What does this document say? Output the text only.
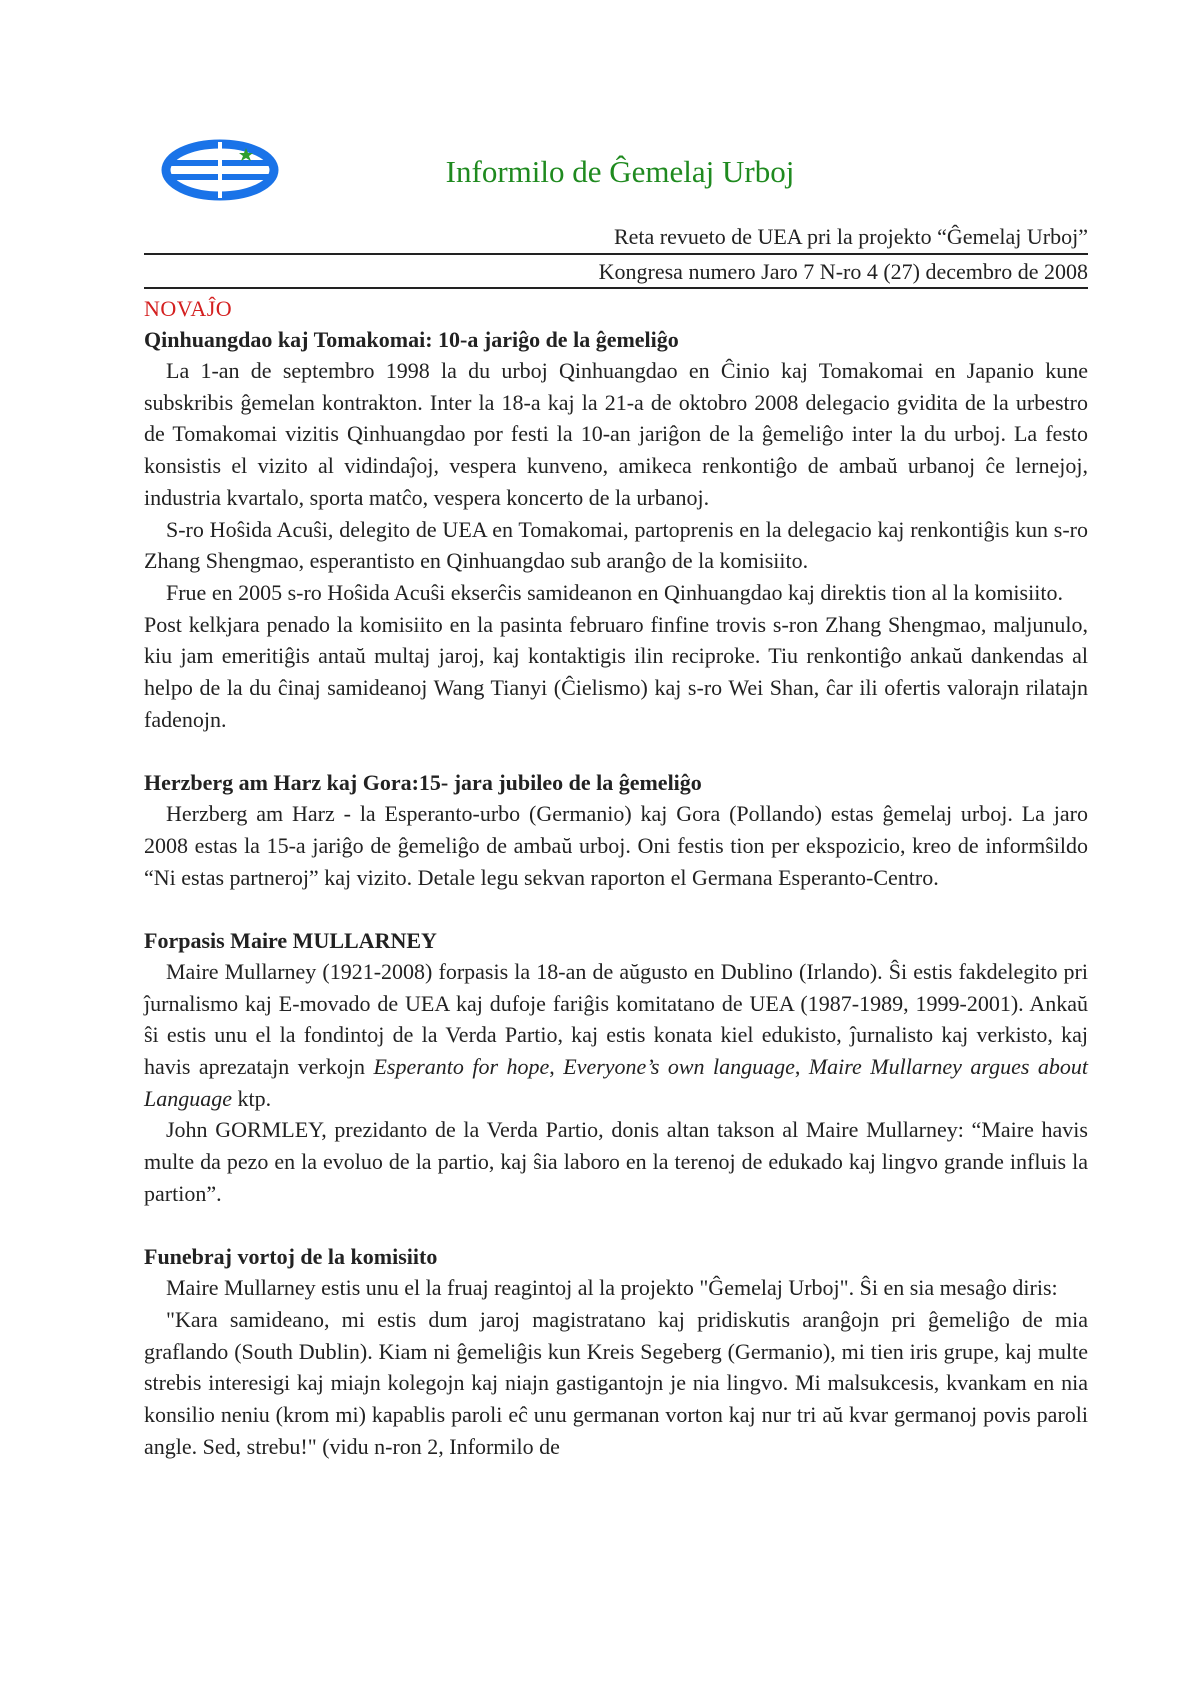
Informilo de Ĝemelaj Urboj
Reta revueto de UEA pri la projekto “Ĝemelaj Urboj”
Kongresa numero Jaro 7 N-ro 4 (27) decembro de 2008
NOVAĴO
Qinhuangdao kaj Tomakomai: 10-a jariĝo de la ĝemeliĝo

La 1-an de septembro 1998 la du urboj Qinhuangdao en Ĉinio kaj Tomakomai en Japanio kune subskribis ĝemelan kontrakton. Inter la 18-a kaj la 21-a de oktobro 2008 delegacio gvidita de la urbestro de Tomakomai vizitis Qinhuangdao por festi la 10-an jariĝon de la ĝemeliĝo inter la du urboj. La festo konsistis el vizito al vidindaĵoj, vespera kunveno, amikeca renkontiĝo de ambaŭ urbanoj ĉe lernejoj, industria kvartalo, sporta matĉo, vespera koncerto de la urbanoj.

S-ro Hoŝida Acuŝi, delegito de UEA en Tomakomai, partoprenis en la delegacio kaj renkontiĝis kun s-ro Zhang Shengmao, esperantisto en Qinhuangdao sub aranĝo de la komisiito.

Frue en 2005 s-ro Hoŝida Acuŝi ekserĉis samideanon en Qinhuangdao kaj direktis tion al la komisiito.

Post kelkjara penado la komisiito en la pasinta februaro finfine trovis s-ron Zhang Shengmao, maljunulo, kiu jam emeritiĝis antaŭ multaj jaroj, kaj kontaktigis ilin reciproke. Tiu renkontiĝo ankaŭ dankendas al helpo de la du ĉinaj samideanoj Wang Tianyi (Ĉielismo) kaj s-ro Wei Shan, ĉar ili ofertis valorajn rilatajn fadenojn.

Herzberg am Harz kaj Gora:15- jara jubileo de la ĝemeliĝo

Herzberg am Harz - la Esperanto-urbo (Germanio) kaj Gora (Pollando) estas ĝemelaj urboj. La jaro 2008 estas la 15-a jariĝo de ĝemeliĝo de ambaŭ urboj. Oni festis tion per ekspozicio, kreo de informŝildo “Ni estas partneroj” kaj vizito. Detale legu sekvan raporton el Germana Esperanto-Centro.

Forpasis Maire MULLARNEY

Maire Mullarney (1921-2008) forpasis la 18-an de aŭgusto en Dublino (Irlando). Ŝi estis fakdelegito pri ĵurnalismo kaj E-movado de UEA kaj dufoje fariĝis komitatano de UEA (1987-1989, 1999-2001). Ankaŭ ŝi estis unu el la fondintoj de la Verda Partio, kaj estis konata kiel edukisto, ĵurnalisto kaj verkisto, kaj havis aprezatajn verkojn Esperanto for hope, Everyone’s own language, Maire Mullarney argues about Language ktp.

John GORMLEY, prezidanto de la Verda Partio, donis altan takson al Maire Mullarney: “Maire havis multe da pezo en la evoluo de la partio, kaj ŝia laboro en la terenoj de edukado kaj lingvo grande influis la partion”.

Funebraj vortoj de la komisiito

Maire Mullarney estis unu el la fruaj reagintoj al la projekto "Ĝemelaj Urboj". Ŝi en sia mesaĝo diris:

"Kara samideano, mi estis dum jaroj magistratano kaj pridiskutis aranĝojn pri ĝemeliĝo de mia graflando (South Dublin). Kiam ni ĝemeliĝis kun Kreis Segeberg (Germanio), mi tien iris grupe, kaj multe strebis interesigi kaj miajn kolegojn kaj niajn gastigantojn je nia lingvo. Mi malsukcesis, kvankam en nia konsilio neniu (krom mi) kapablis paroli eĉ unu germanan vorton kaj nur tri aŭ kvar germanoj povis paroli angle. Sed, strebu!" (vidu n-ron 2, Informilo de
